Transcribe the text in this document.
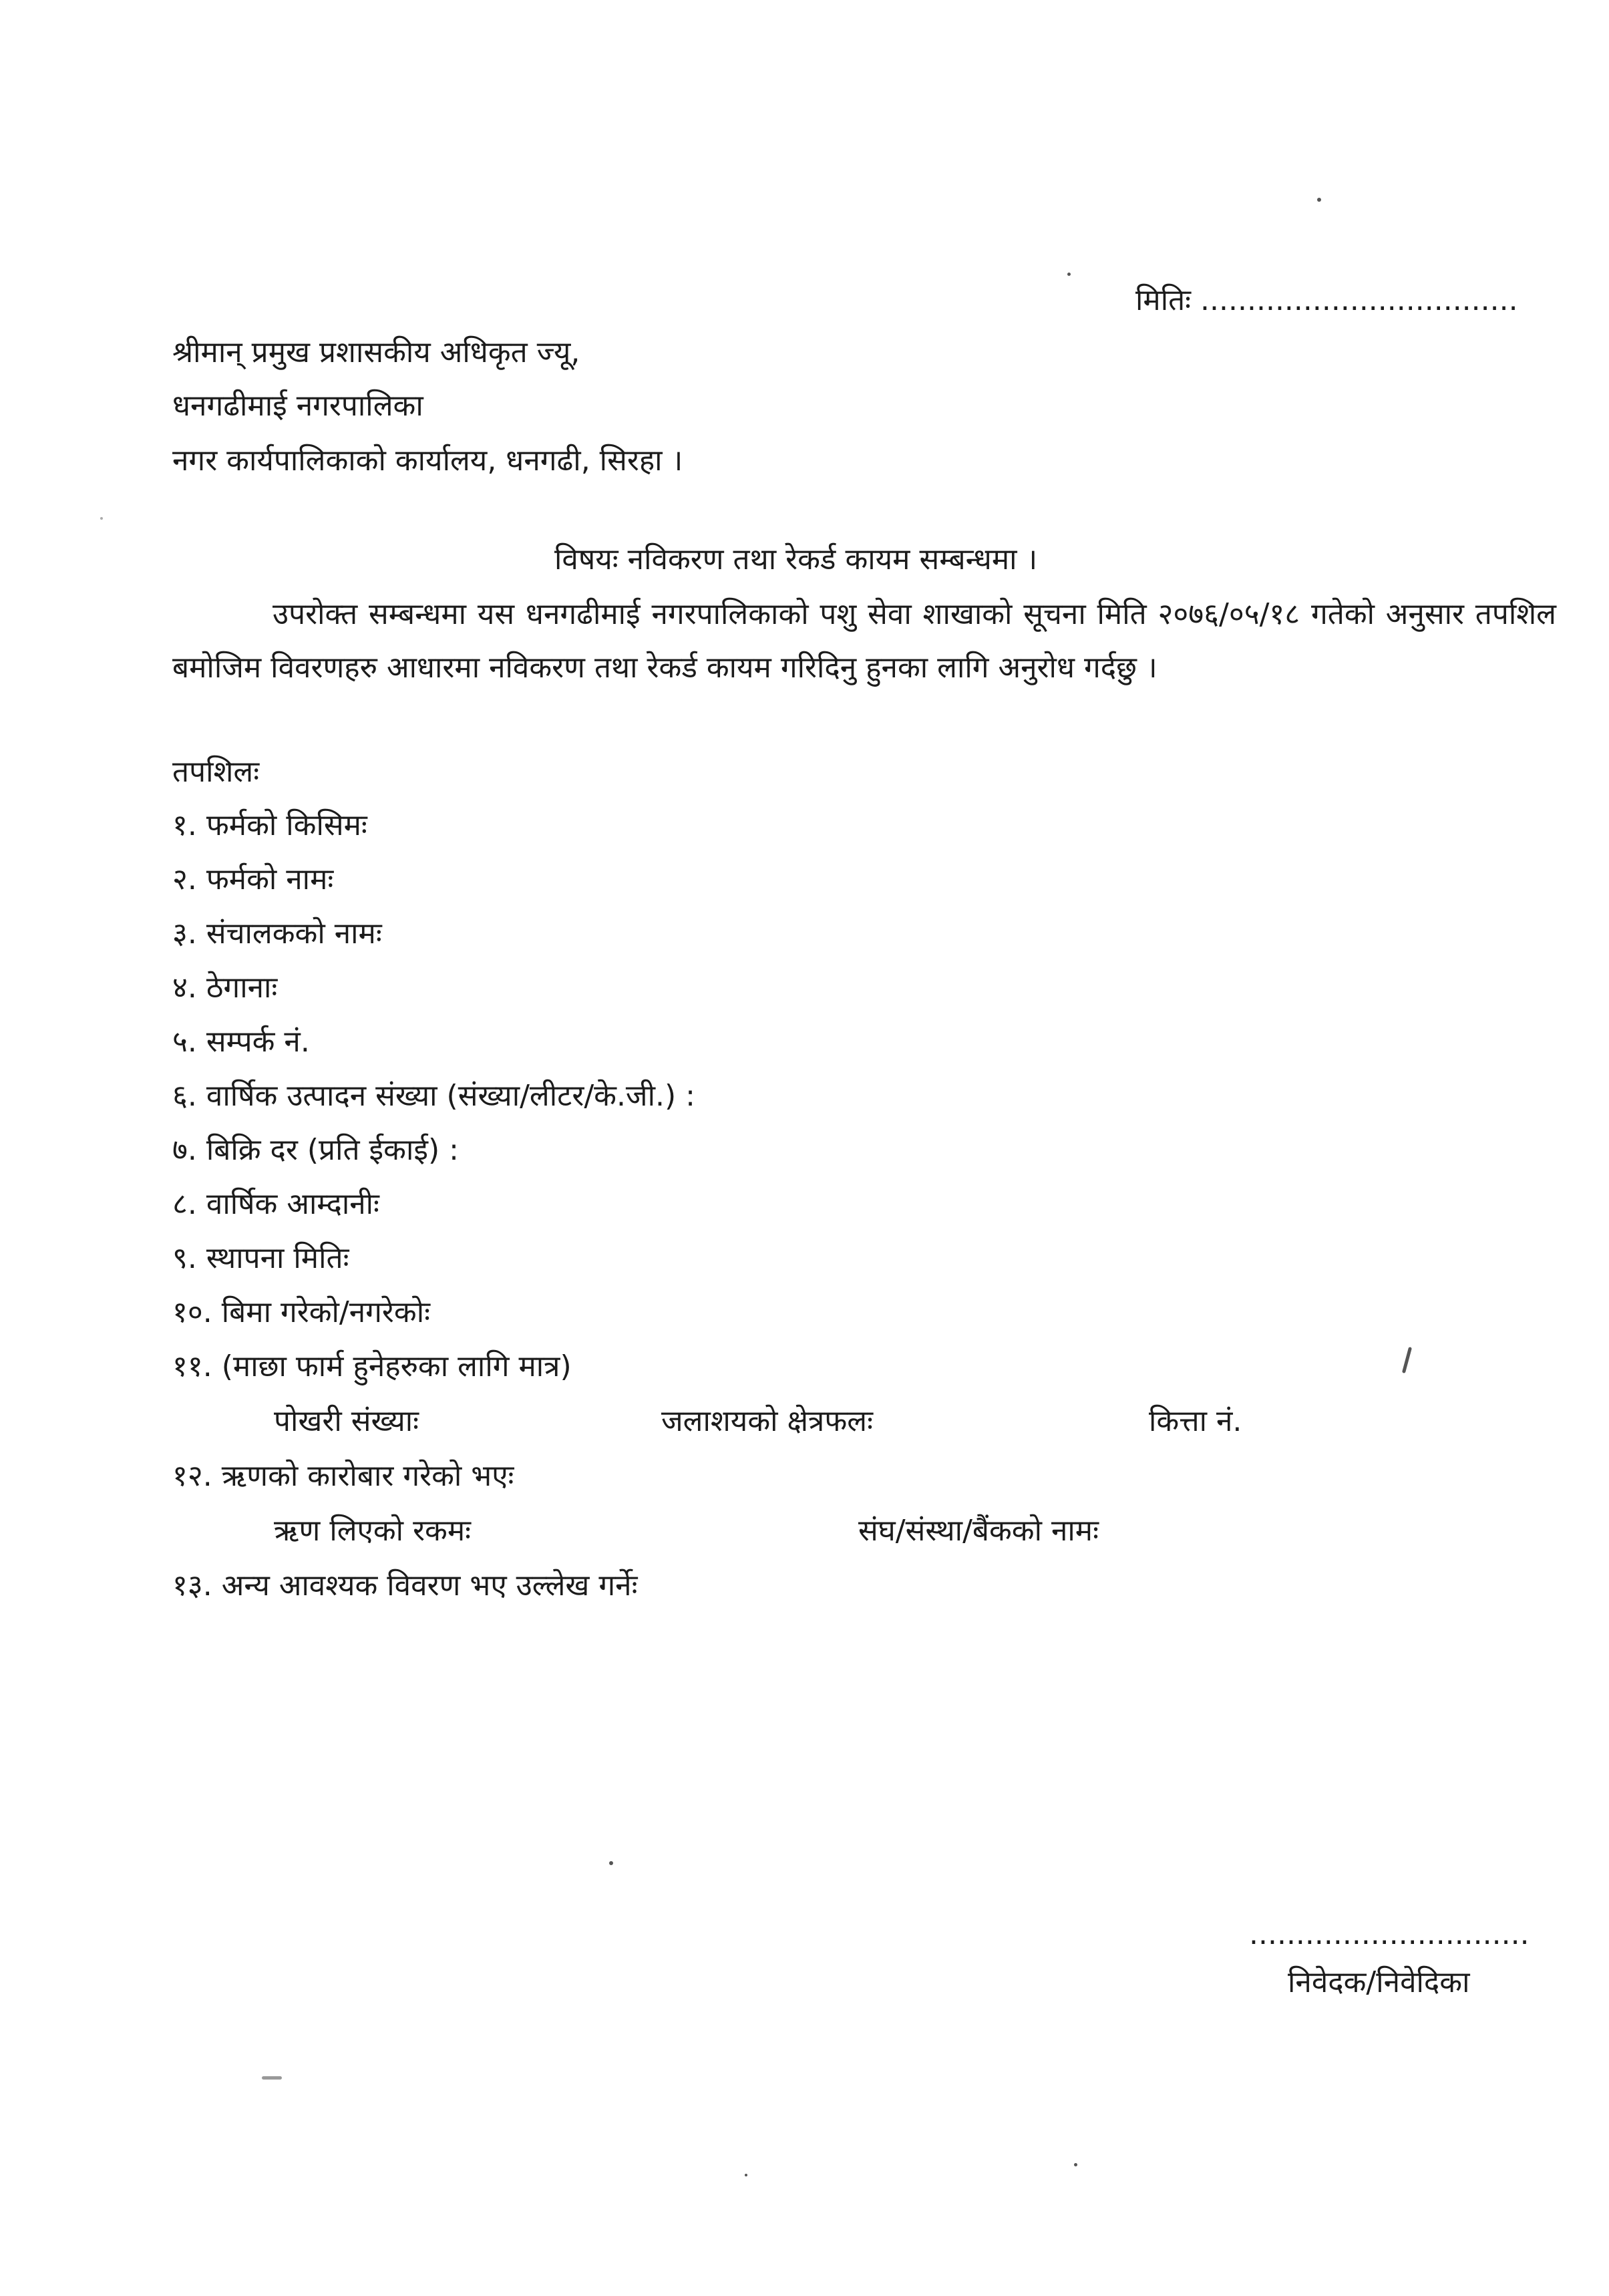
मितिः ..................................
श्रीमान् प्रमुख प्रशासकीय अधिकृत ज्यू,
धनगढीमाई नगरपालिका
नगर कार्यपालिकाको कार्यालय, धनगढी, सिरहा ।
विषयः नविकरण तथा रेकर्ड कायम सम्बन्धमा ।
उपरोक्त सम्बन्धमा यस धनगढीमाई नगरपालिकाको पशु सेवा शाखाको सूचना मिति २०७६/०५/१८ गतेको अनुसार तपशिल बमोजिम विवरणहरु आधारमा नविकरण तथा रेकर्ड कायम गरिदिनु हुनका लागि अनुरोध गर्दछु ।
तपशिलः
१. फर्मको किसिमः
२. फर्मको नामः
३. संचालकको नामः
४. ठेगानाः
५. सम्पर्क नं.
६. वार्षिक उत्पादन संख्या (संख्या/लीटर/के.जी.) :
७. बिक्रि दर (प्रति ईकाई) :
८. वार्षिक आम्दानीः
९. स्थापना मितिः
१०. बिमा गरेको/नगरेकोः
११. (माछा फार्म हुनेहरुका लागि मात्र)
पोखरी संख्याः	जलाशयको क्षेत्रफलः	कित्ता नं.
१२. ऋणको कारोबार गरेको भएः
ऋण लिएको रकमः	संघ/संस्था/बैंकको नामः
१३. अन्य आवश्यक विवरण भए उल्लेख गर्नेः
..............................
निवेदक/निवेदिका
